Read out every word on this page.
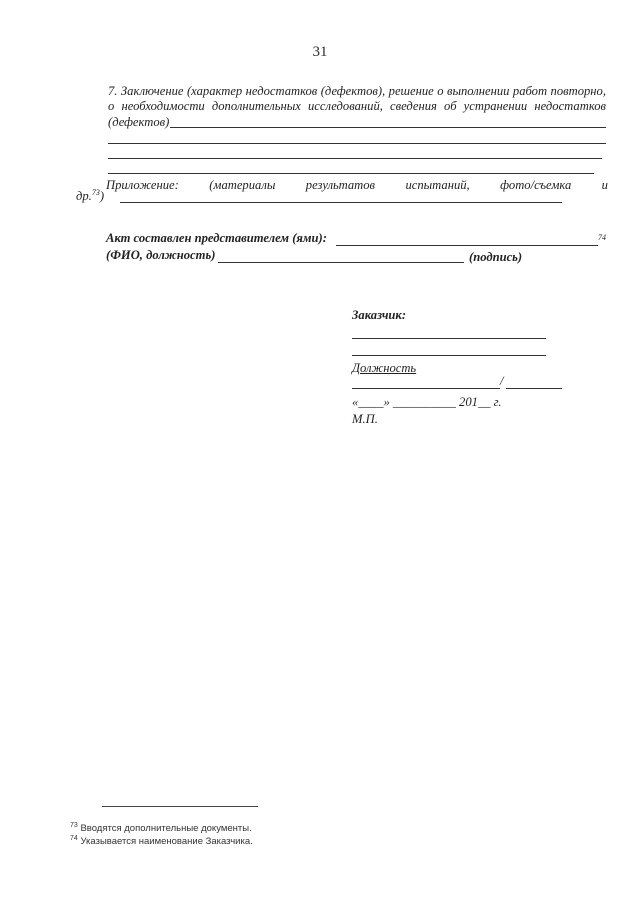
31
7. Заключение (характер недостатков (дефектов), решение о выполнении работ повторно,
о необходимости дополнительных исследований, сведения об устранении недостатков
(дефектов)
Приложение: (материалы результатов испытаний, фото/съемка и
др.$^{73}$)
Акт составлен представителем (ями):	74
(ФИО, должность)	(подпись)
Заказчик:
Должность
/
«____» __________ 201__ г.
М.П.
$^{73}$ Вводятся дополнительные документы.
$^{74}$ Указывается наименование Заказчика.
